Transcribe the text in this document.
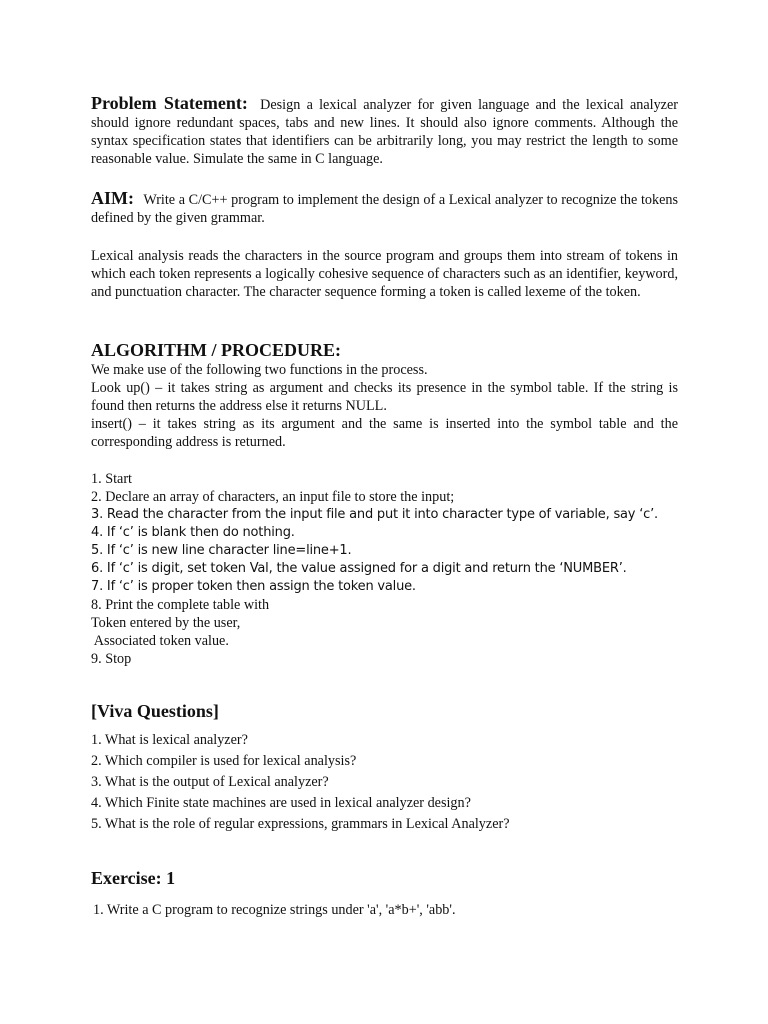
Problem Statement: Design a lexical analyzer for given language and the lexical analyzer should ignore redundant spaces, tabs and new lines. It should also ignore comments. Although the syntax specification states that identifiers can be arbitrarily long, you may restrict the length to some reasonable value. Simulate the same in C language.
AIM: Write a C/C++ program to implement the design of a Lexical analyzer to recognize the tokens defined by the given grammar.
Lexical analysis reads the characters in the source program and groups them into stream of tokens in which each token represents a logically cohesive sequence of characters such as an identifier, keyword, and punctuation character. The character sequence forming a token is called lexeme of the token.
ALGORITHM / PROCEDURE:
We make use of the following two functions in the process.
Look up() – it takes string as argument and checks its presence in the symbol table. If the string is found then returns the address else it returns NULL.
insert() – it takes string as its argument and the same is inserted into the symbol table and the corresponding address is returned.
1. Start
2. Declare an array of characters, an input file to store the input;
3. Read the character from the input file and put it into character type of variable, say ‘c’.
4. If ‘c’ is blank then do nothing.
5. If ‘c’ is new line character line=line+1.
6. If ‘c’ is digit, set token Val, the value assigned for a digit and return the ‘NUMBER’.
7. If ‘c’ is proper token then assign the token value.
8. Print the complete table with
Token entered by the user,
Associated token value.
9. Stop
[Viva Questions]
1. What is lexical analyzer?
2. Which compiler is used for lexical analysis?
3. What is the output of Lexical analyzer?
4. Which Finite state machines are used in lexical analyzer design?
5. What is the role of regular expressions, grammars in Lexical Analyzer?
Exercise: 1
1. Write a C program to recognize strings under 'a', 'a*b+', 'abb'.
